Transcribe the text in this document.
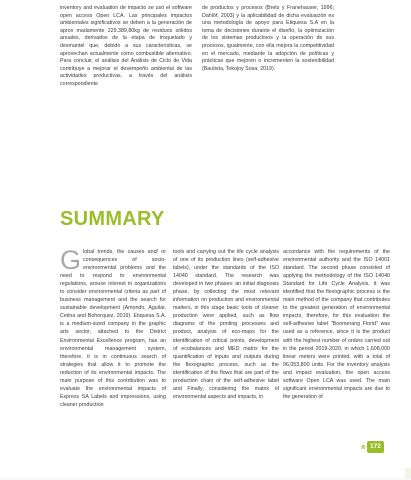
inventory and evaluation de impacto se usó el software open access Open LCA. Las principales impactos ambientales significativos se deben a la generación de aprox madamente 229.389,80kg de residuos sólidos anuales, derivados de la etapa de troquelado y desmantel que, debido a sus características, se aprovechan actualmente como combustible alternativo. Para concluir, el análisis del Análisis de Ciclo de Vida contribuye a mejorar el desempeño ambiental de las actividades productivas, a través del análisis correspondiente
de productos y procesos (Brets y Franehauser, 1996; Dahlöf, 2003) y la aplicabilidad de dicha evaluación es una metodología de apoyo para Etiquesa S.A en la toma de decisiones durante el diseño, la optimización de los sistemas productivos y la operación de sus procesos, igualmente, con ella mejora la competitividad en el mercado, mediante la adopción de políticas y prácticas que mejoren o incrementen la sostenibilidad (Bautista, Tokojoy Sosa, 2019).
SUMMARY
Global trends, the causes and/ or consequences of socio-environmental problems and the need to respond to environmental regulations, arouse interest in organizations to consider environmental criteria as part of business management and the search for sustainable development (Amondo, Aguilar, Cetina and Bohorquez, 2019). Etiquesa S.A. is a medium-sized company in the graphic arts sector, attached to the District Environmental Excellence program, has an environmental management system, therefore, it is in continuous search of strategies that allow it to promote the reduction of its environmental impacts. The main purpose of this contribution was to evaluate the environmental impacts of Express SA Labels and impressions, using cleaner production
tools and carrying out the life cycle analysis of one of its production lines (self-adhesive labels), under the standards of the ISO 14040 standard. The research was developed in two phases: an initial diagnosis phase, by collecting the most relevant information on production and environmental matters, in this stage basic tools of cleaner production were applied, such as flow diagrams of the printing processes and product, analysis of eco-maps for the identification of critical points, development of ecobalances and MED matrix for the quantification of inputs and outputs during the flexographic process, such as the identification of the flows that are part of the production chain of the self-adhesive label and Finally, considering the matrix of environmental aspects and impacts, in
accordance with the requirements of the environmental authority and the ISO 14001 standard. The second phase consisted of applying the methodology of the ISO 14040 Standard for Life Cycle Analysis, it was identified that the flexographic process is the main method of the company that contributes to the greatest generation of environmental impacts, therefore, for this evaluation the self-adhesive label "Boomerang Florid" was used as a reference, since it is the product with the highest number of orders carried out in the period 2019-2020, in which 1,608,000 linear meters were printed, with a total of 96,053,800 units. For the inventory analysis and impact evaluation, the open access software Open LCA was used. The main significant environmental impacts are due to the generation of
» 172
